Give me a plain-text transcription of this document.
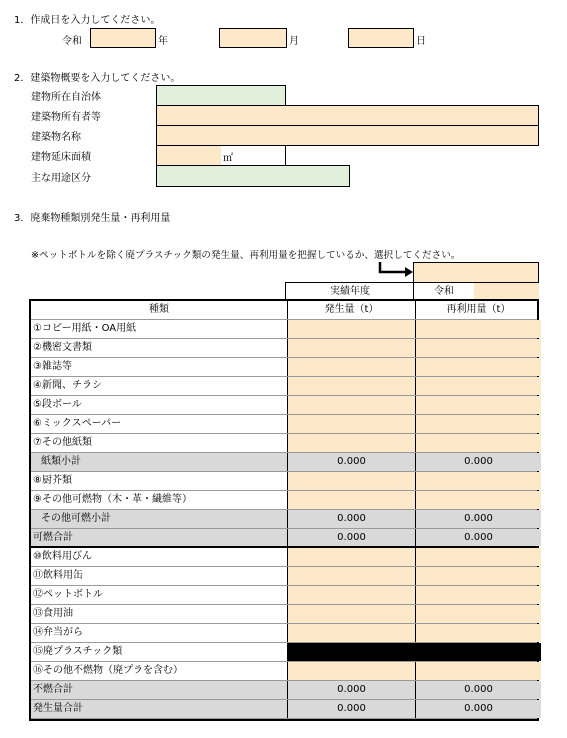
1．作成日を入力してください。
令和	年	月	日
2．建築物概要を入力してください。
建物所在自治体
建築物所有者等
建築物名称
建物延床面積
主な用途区分
㎡
3．廃棄物種類別発生量・再利用量
※ペットボトルを除く廃プラスチック類の発生量、再利用量を把握しているか、選択してください。
実績年度	令和
種類	発生量（t）	再利用量（t）
①コピー用紙・OA用紙
②機密文書類
③雑誌等
④新聞、チラシ
⑤段ボール
⑥ミックスペーパー
⑦その他紙類
紙類小計	0.000	0.000
⑧厨芥類
⑨その他可燃物（木・革・繊維等）
その他可燃小計	0.000	0.000
可燃合計	0.000	0.000
⑩飲料用びん
⑪飲料用缶
⑫ペットボトル
⑬食用油
⑭弁当がら
⑮廃プラスチック類
⑯その他不燃物（廃プラを含む）
不燃合計	0.000	0.000
発生量合計	0.000	0.000
